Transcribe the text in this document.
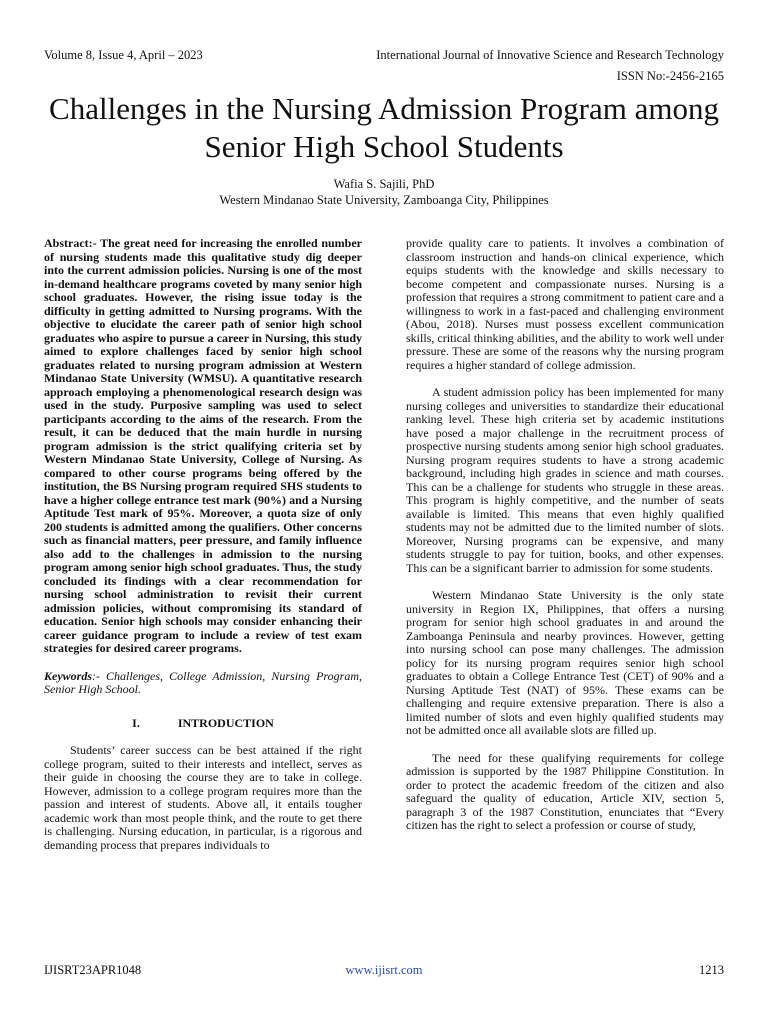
Volume 8, Issue 4, April – 2023	International Journal of Innovative Science and Research Technology
ISSN No:-2456-2165
Challenges in the Nursing Admission Program among Senior High School Students
Wafia S. Sajili, PhD
Western Mindanao State University, Zamboanga City, Philippines

Abstract:- The great need for increasing the enrolled number of nursing students made this qualitative study dig deeper into the current admission policies. Nursing is one of the most in-demand healthcare programs coveted by many senior high school graduates. However, the rising issue today is the difficulty in getting admitted to Nursing programs. With the objective to elucidate the career path of senior high school graduates who aspire to pursue a career in Nursing, this study aimed to explore challenges faced by senior high school graduates related to nursing program admission at Western Mindanao State University (WMSU). A quantitative research approach employing a phenomenological research design was used in the study. Purposive sampling was used to select participants according to the aims of the research. From the result, it can be deduced that the main hurdle in nursing program admission is the strict qualifying criteria set by Western Mindanao State University, College of Nursing. As compared to other course programs being offered by the institution, the BS Nursing program required SHS students to have a higher college entrance test mark (90%) and a Nursing Aptitude Test mark of 95%. Moreover, a quota size of only 200 students is admitted among the qualifiers. Other concerns such as financial matters, peer pressure, and family influence also add to the challenges in admission to the nursing program among senior high school graduates. Thus, the study concluded its findings with a clear recommendation for nursing school administration to revisit their current admission policies, without compromising its standard of education. Senior high schools may consider enhancing their career guidance program to include a review of test exam strategies for desired career programs.

Keywords:- Challenges, College Admission, Nursing Program, Senior High School.

I.	INTRODUCTION

Students’ career success can be best attained if the right college program, suited to their interests and intellect, serves as their guide in choosing the course they are to take in college. However, admission to a college program requires more than the passion and interest of students. Above all, it entails tougher academic work than most people think, and the route to get there is challenging. Nursing education, in particular, is a rigorous and demanding process that prepares individuals to

provide quality care to patients. It involves a combination of classroom instruction and hands-on clinical experience, which equips students with the knowledge and skills necessary to become competent and compassionate nurses. Nursing is a profession that requires a strong commitment to patient care and a willingness to work in a fast-paced and challenging environment (Abou, 2018). Nurses must possess excellent communication skills, critical thinking abilities, and the ability to work well under pressure. These are some of the reasons why the nursing program requires a higher standard of college admission.

A student admission policy has been implemented for many nursing colleges and universities to standardize their educational ranking level. These high criteria set by academic institutions have posed a major challenge in the recruitment process of prospective nursing students among senior high school graduates. Nursing program requires students to have a strong academic background, including high grades in science and math courses. This can be a challenge for students who struggle in these areas. This program is highly competitive, and the number of seats available is limited. This means that even highly qualified students may not be admitted due to the limited number of slots. Moreover, Nursing programs can be expensive, and many students struggle to pay for tuition, books, and other expenses. This can be a significant barrier to admission for some students.

Western Mindanao State University is the only state university in Region IX, Philippines, that offers a nursing program for senior high school graduates in and around the Zamboanga Peninsula and nearby provinces. However, getting into nursing school can pose many challenges. The admission policy for its nursing program requires senior high school graduates to obtain a College Entrance Test (CET) of 90% and a Nursing Aptitude Test (NAT) of 95%. These exams can be challenging and require extensive preparation. There is also a limited number of slots and even highly qualified students may not be admitted once all available slots are filled up.

The need for these qualifying requirements for college admission is supported by the 1987 Philippine Constitution. In order to protect the academic freedom of the citizen and also safeguard the quality of education, Article XIV, section 5, paragraph 3 of the 1987 Constitution, enunciates that “Every citizen has the right to select a profession or course of study,

IJISRT23APR1048	www.ijisrt.com	1213
